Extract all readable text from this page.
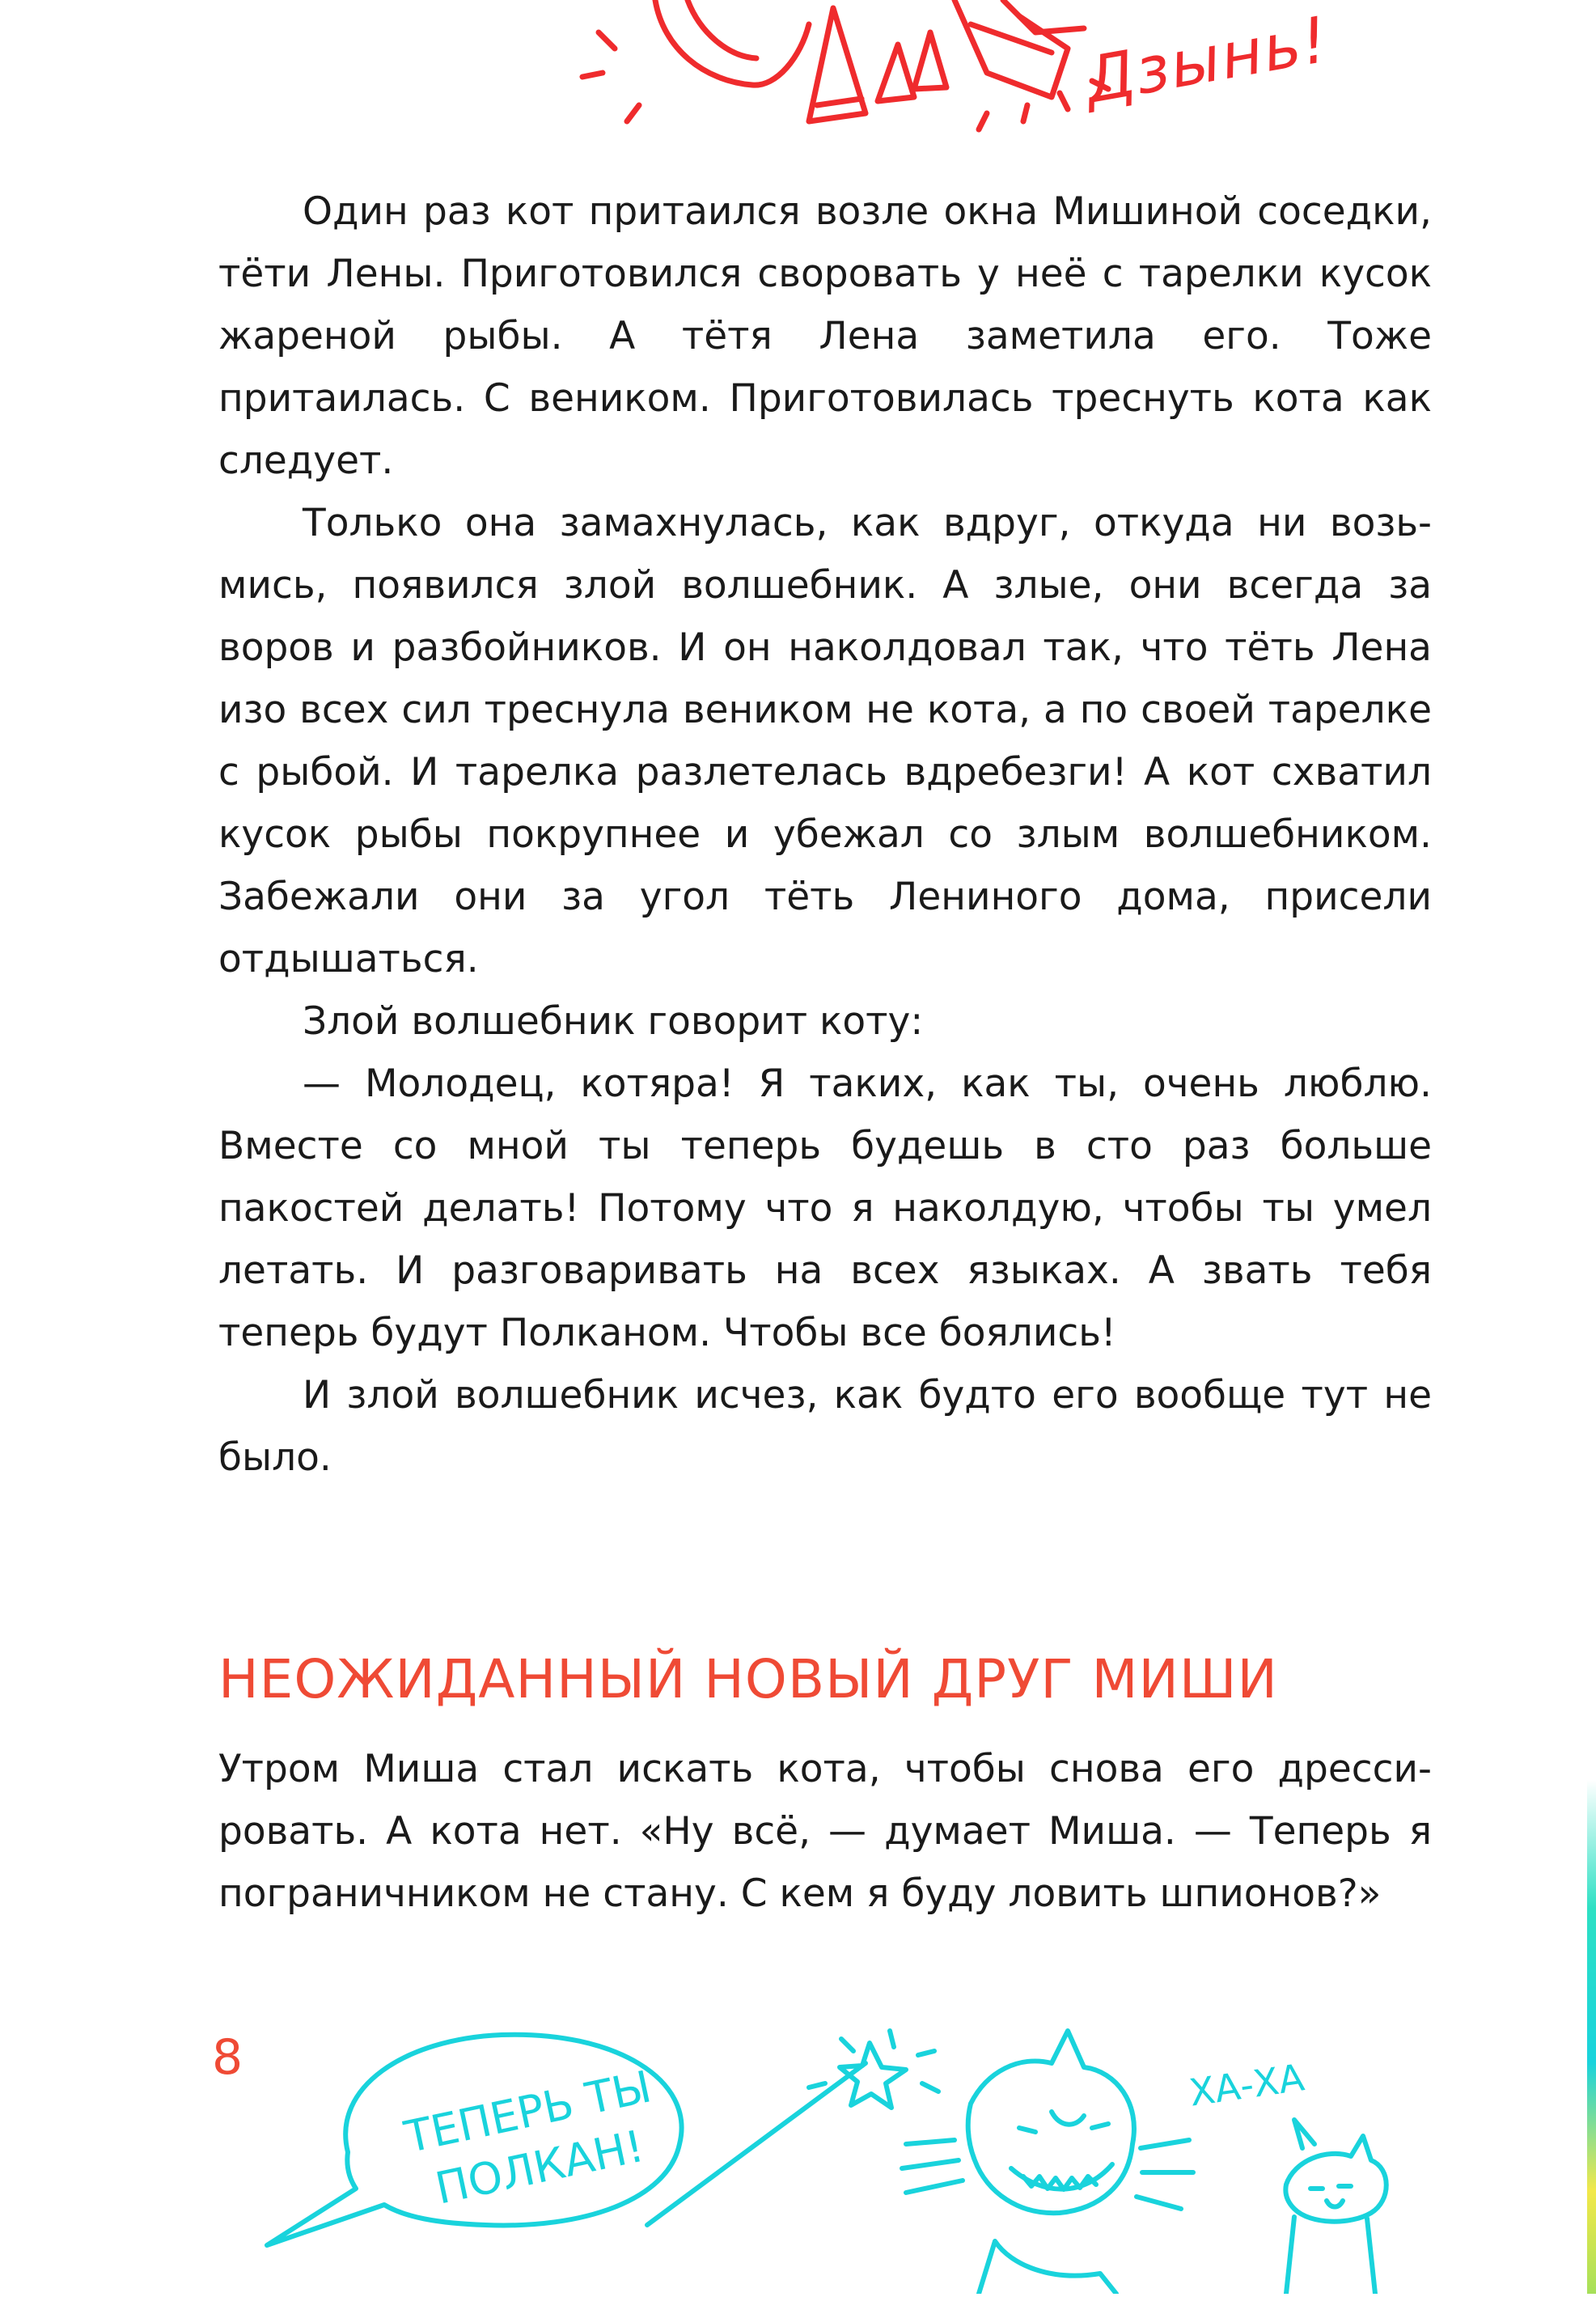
Дзынь!

Один раз кот притаился возле окна Мишиной соседки, тёти Лены. Приготовился своровать у неё с тарелки кусок жареной рыбы. А тётя Лена заметила его. Тоже притаилась. С веником. Приготовилась треснуть кота как следует.

Только она замахнулась, как вдруг, откуда ни возьмись, появился злой волшебник. А злые, они всегда за воров и разбойников. И он наколдовал так, что тёть Лена изо всех сил треснула веником не кота, а по своей тарелке с рыбой. И тарелка разлетелась вдребезги! А кот схватил кусок рыбы покрупнее и убежал со злым волшебником. Забежали они за угол тёть Лениного дома, присели отдышаться.

Злой волшебник говорит коту:

— Молодец, котяра! Я таких, как ты, очень люблю. Вместе со мной ты теперь будешь в сто раз больше пакостей делать! Потому что я наколдую, чтобы ты умел летать. И разговаривать на всех языках. А звать тебя теперь будут Полканом. Чтобы все боялись!

И злой волшебник исчез, как будто его вообще тут не было.

НЕОЖИДАННЫЙ НОВЫЙ ДРУГ МИШИ

Утром Миша стал искать кота, чтобы снова его дрессировать. А кота нет. «Ну всё, — думает Миша. — Теперь я пограничником не стану. С кем я буду ловить шпионов?»

8
ТЕПЕРЬ ТЫ ПОЛКАН!
ХА-ХА
